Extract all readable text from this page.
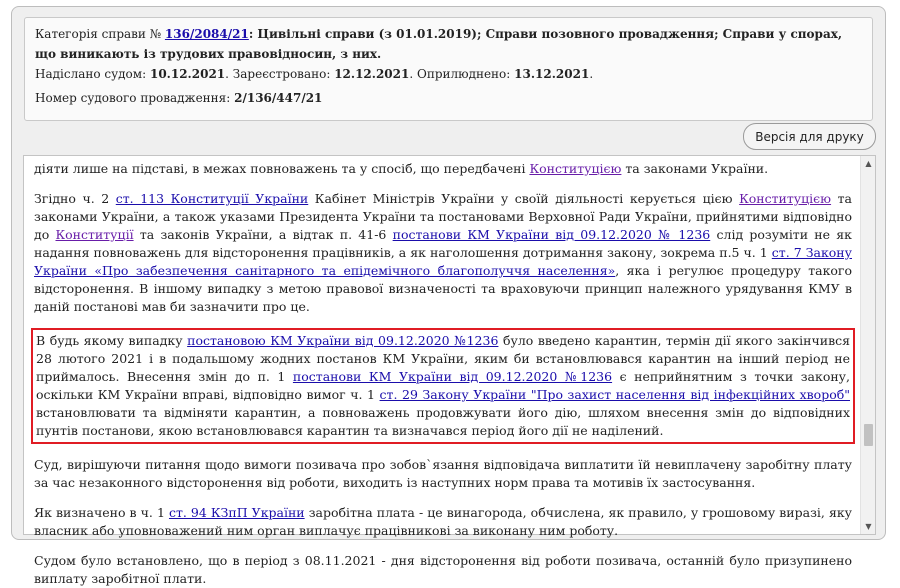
Категорія справи № 136/2084/21: Цивільні справи (з 01.01.2019); Справи позовного провадження; Справи у спорах, що виникають із трудових правовідносин, з них.
Надіслано судом: 10.12.2021. Зареєстровано: 12.12.2021. Оприлюднено: 13.12.2021.
Номер судового провадження: 2/136/447/21
Версія для друку

діяти лише на підставі, в межах повноважень та у спосіб, що передбачені Конституцією та законами України.

Згідно ч. 2 ст. 113 Конституції України Кабінет Міністрів України у своїй діяльності керується цією Конституцією та законами України, а також указами Президента України та постановами Верховної Ради України, прийнятими відповідно до Конституції та законів України, а відтак п. 41-6 постанови КМ України від 09.12.2020 № 1236 слід розуміти не як надання повноважень для відсторонення працівників, а як наголошення дотримання закону, зокрема п.5 ч. 1 ст. 7 Закону України «Про забезпечення санітарного та епідемічного благополуччя населення», яка і регулює процедуру такого відсторонення. В іншому випадку з метою правової визначеності та враховуючи принцип належного урядування КМУ в даній постанові мав би зазначити про це.

В будь якому випадку постановою КМ України від 09.12.2020 №1236 було введено карантин, термін дії якого закінчився 28 лютого 2021 і в подальшому жодних постанов КМ України, яким би встановлювався карантин на інший період не приймалось. Внесення змін до п. 1 постанови КМ України від 09.12.2020 №1236 є неприйнятним з точки закону, оскільки КМ України вправі, відповідно вимог ч. 1 ст. 29 Закону України "Про захист населення від інфекційних хвороб" встановлювати та відміняти карантин, а повноважень продовжувати його дію, шляхом внесення змін до відповідних пунтів постанови, якою встановлювався карантин та визначався період його дії не наділений.

Суд, вирішуючи питання щодо вимоги позивача про зобов`язання відповідача виплатити їй невиплачену заробітну плату за час незаконного відсторонення від роботи, виходить із наступних норм права та мотивів їх застосування.

Як визначено в ч. 1 ст. 94 КЗпП України заробітна плата - це винагорода, обчислена, як правило, у грошовому виразі, яку власник або уповноважений ним орган виплачує працівникові за виконану ним роботу.

Судом було встановлено, що в період з 08.11.2021 - дня відсторонення від роботи позивача, останній було призупинено виплату заробітної плати.

▲
▼
